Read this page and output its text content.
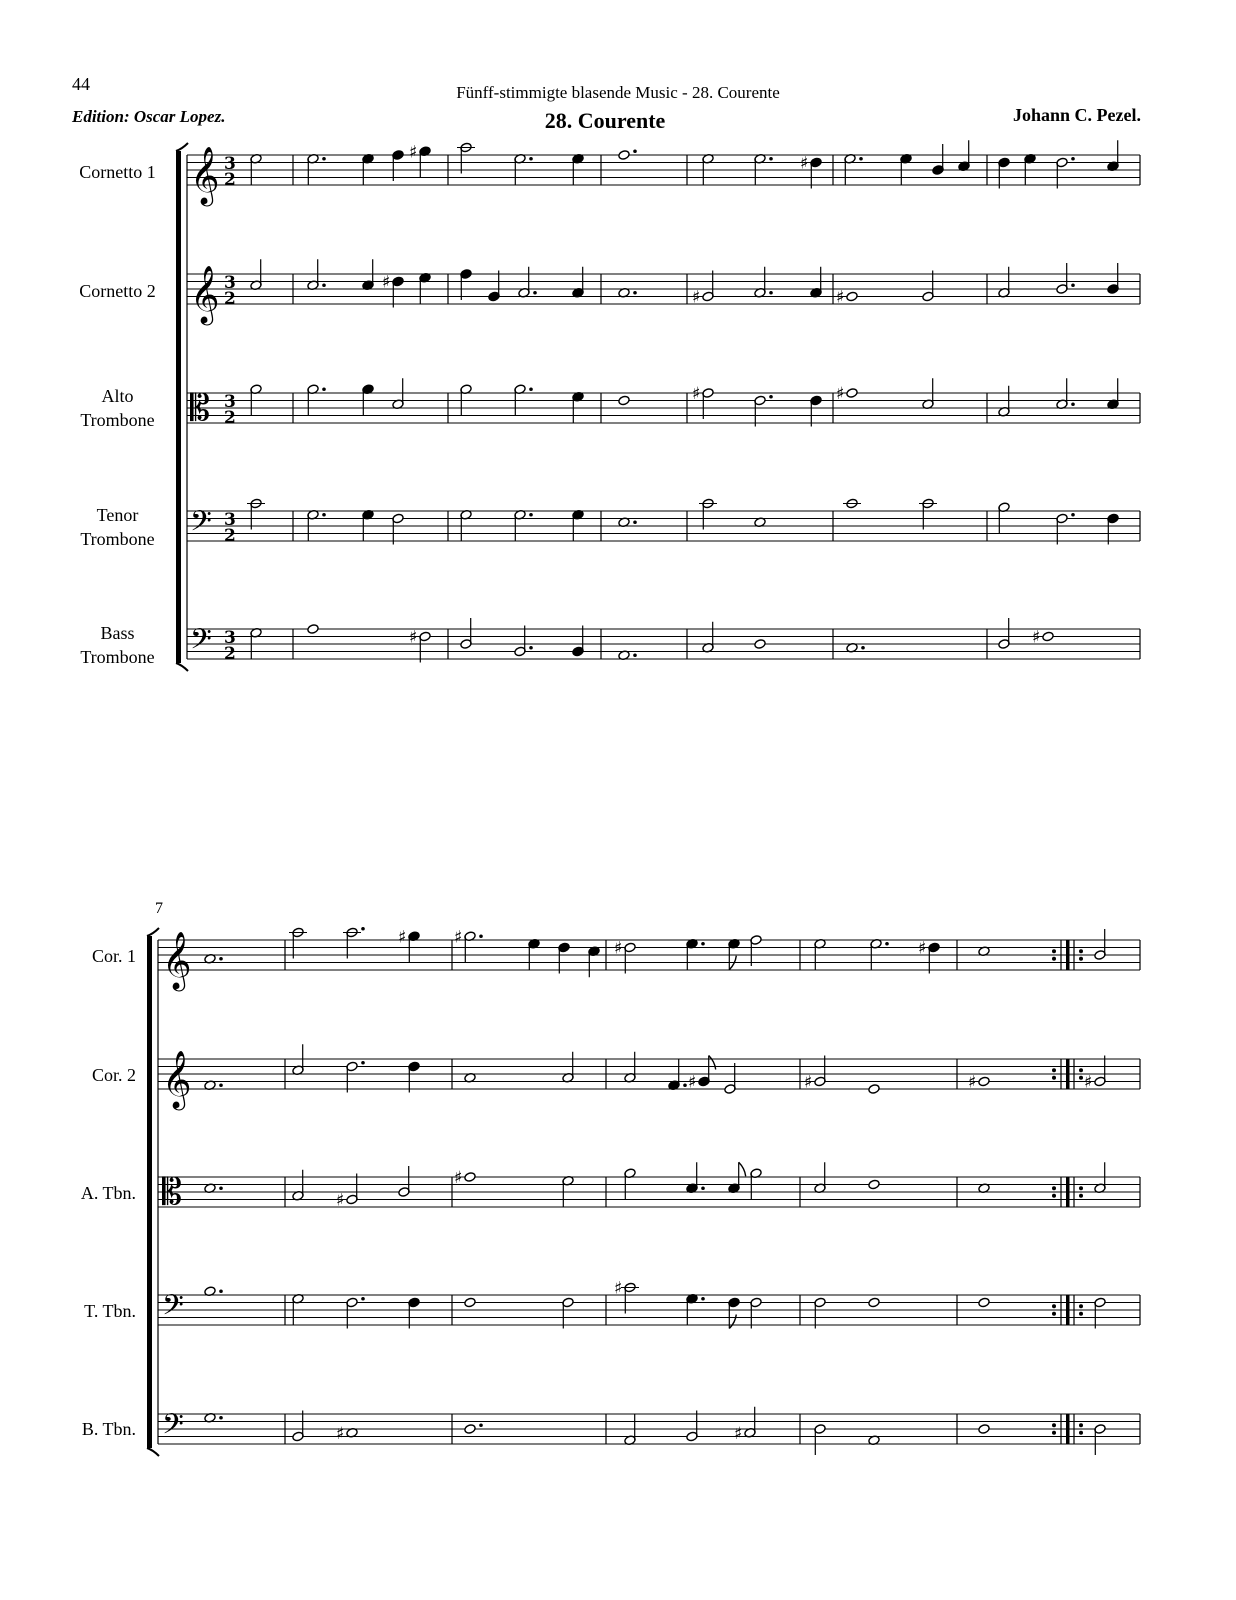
44	Fünff-stimmigte blasende Music - 28. Courente
Edition: Oscar Lopez.	28. Courente	Johann C. Pezel.
Cornetto 1
Cornetto 2
Alto
Trombone
Tenor
Trombone
Bass
Trombone
7
Cor. 1
Cor. 2
A. Tbn.
T. Tbn.
B. Tbn.
𝄞 3
2
𝄞 3
2
𝄡 3
2
𝄢 3
2
𝄢 3
2
♯
♯
♯
♯	♯
♯	♯
♯	♯
𝄞
𝄞
𝄡
𝄢
𝄢
♯	♯
♯	♯
♯	♯	♯	♯
♯
♯
♯
♯	♯
